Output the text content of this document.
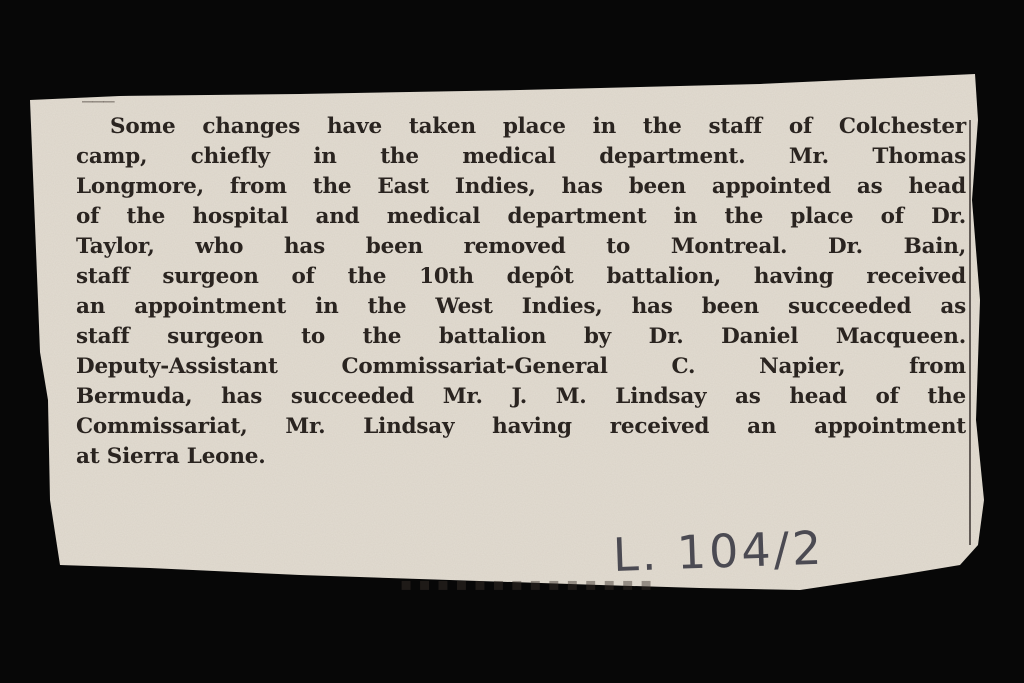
───
▪ ▪ ▪ ▪ ▪ ▪ ▪ ▪ ▪ ▪ ▪ ▪ ▪ ▪
Some changes have taken place in the staff of Colchester
camp, chiefly in the medical department. Mr. Thomas
Longmore, from the East Indies, has been appointed as head
of the hospital and medical department in the place of Dr.
Taylor, who has been removed to Montreal. Dr. Bain,
staff surgeon of the 10th depôt battalion, having received
an appointment in the West Indies, has been succeeded as
staff surgeon to the battalion by Dr. Daniel Macqueen.
Deputy-Assistant Commissariat-General C. Napier, from
Bermuda, has succeeded Mr. J. M. Lindsay as head of the
Commissariat, Mr. Lindsay having received an appointment
at Sierra Leone.
L. 104/2
